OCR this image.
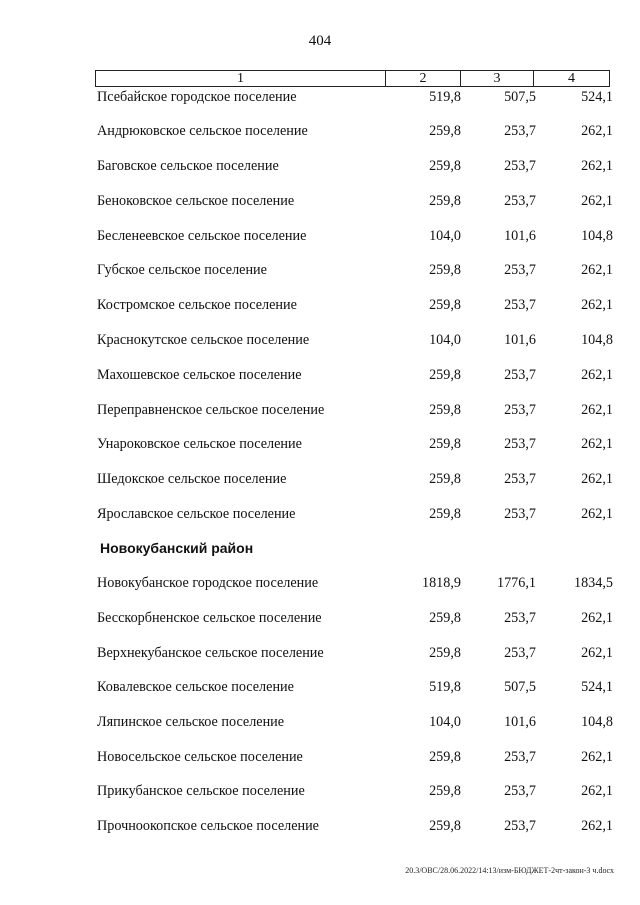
404
1	2	3	4
Псебайское городское поселение	519,8	507,5	524,1
Андрюковское сельское поселение	259,8	253,7	262,1
Баговское сельское поселение	259,8	253,7	262,1
Беноковское сельское поселение	259,8	253,7	262,1
Бесленеевское сельское поселение	104,0	101,6	104,8
Губское сельское поселение	259,8	253,7	262,1
Костромское сельское поселение	259,8	253,7	262,1
Краснокутское сельское поселение	104,0	101,6	104,8
Махошевское сельское поселение	259,8	253,7	262,1
Переправненское сельское поселение	259,8	253,7	262,1
Унароковское сельское поселение	259,8	253,7	262,1
Шедокское сельское поселение	259,8	253,7	262,1
Ярославское сельское поселение	259,8	253,7	262,1
Новокубанский район
Новокубанское городское поселение	1818,9	1776,1	1834,5
Бесскорбненское сельское поселение	259,8	253,7	262,1
Верхнекубанское сельское поселение	259,8	253,7	262,1
Ковалевское сельское поселение	519,8	507,5	524,1
Ляпинское сельское поселение	104,0	101,6	104,8
Новосельское сельское поселение	259,8	253,7	262,1
Прикубанское сельское поселение	259,8	253,7	262,1
Прочноокопское сельское поселение	259,8	253,7	262,1
20.3/ОВС/28.06.2022/14:13/изм-БЮДЖЕТ-2чт-закон-3 ч.docx
